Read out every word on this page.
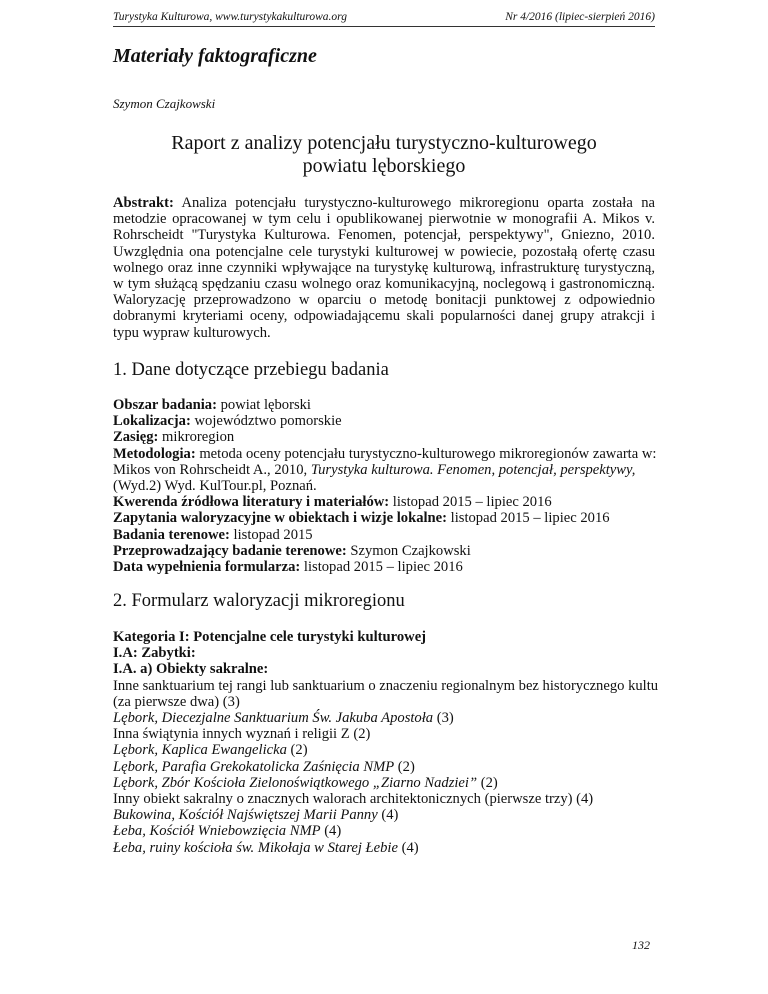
Turystyka Kulturowa, www.turystykakulturowa.org	Nr 4/2016 (lipiec-sierpień 2016)
Materiały faktograficzne
Szymon Czajkowski
Raport z analizy potencjału turystyczno-kulturowego
powiatu lęborskiego
Abstrakt: Analiza potencjału turystyczno-kulturowego mikroregionu oparta została na metodzie opracowanej w tym celu i opublikowanej pierwotnie w monografii A. Mikos v. Rohrscheidt "Turystyka Kulturowa. Fenomen, potencjał, perspektywy", Gniezno, 2010. Uwzględnia ona potencjalne cele turystyki kulturowej w powiecie, pozostałą ofertę czasu wolnego oraz inne czynniki wpływające na turystykę kulturową, infrastrukturę turystyczną, w tym służącą spędzaniu czasu wolnego oraz komunikacyjną, noclegową i gastronomiczną. Waloryzację przeprowadzono w oparciu o metodę bonitacji punktowej z odpowiednio dobranymi kryteriami oceny, odpowiadającemu skali popularności danej grupy atrakcji i typu wypraw kulturowych.
1. Dane dotyczące przebiegu badania
Obszar badania: powiat lęborski
Lokalizacja: województwo pomorskie
Zasięg: mikroregion
Metodologia: metoda oceny potencjału turystyczno-kulturowego mikroregionów zawarta w:
Mikos von Rohrscheidt A., 2010, Turystyka kulturowa. Fenomen, potencjał, perspektywy,
(Wyd.2) Wyd. KulTour.pl, Poznań.
Kwerenda źródłowa literatury i materiałów: listopad 2015 – lipiec 2016
Zapytania waloryzacyjne w obiektach i wizje lokalne: listopad 2015 – lipiec 2016
Badania terenowe: listopad 2015
Przeprowadzający badanie terenowe: Szymon Czajkowski
Data wypełnienia formularza: listopad 2015 – lipiec 2016
2. Formularz waloryzacji mikroregionu
Kategoria I: Potencjalne cele turystyki kulturowej
I.A: Zabytki:
I.A. a) Obiekty sakralne:
Inne sanktuarium tej rangi lub sanktuarium o znaczeniu regionalnym bez historycznego kultu
(za pierwsze dwa) (3)
Lębork, Diecezjalne Sanktuarium Św. Jakuba Apostoła (3)
Inna świątynia innych wyznań i religii Z (2)
Lębork, Kaplica Ewangelicka (2)
Lębork, Parafia Grekokatolicka Zaśnięcia NMP (2)
Lębork, Zbór Kościoła Zielonoświątkowego „Ziarno Nadziei” (2)
Inny obiekt sakralny o znacznych walorach architektonicznych (pierwsze trzy) (4)
Bukowina, Kościół Najświętszej Marii Panny (4)
Łeba, Kościół Wniebowzięcia NMP (4)
Łeba, ruiny kościoła św. Mikołaja w Starej Łebie (4)
132
